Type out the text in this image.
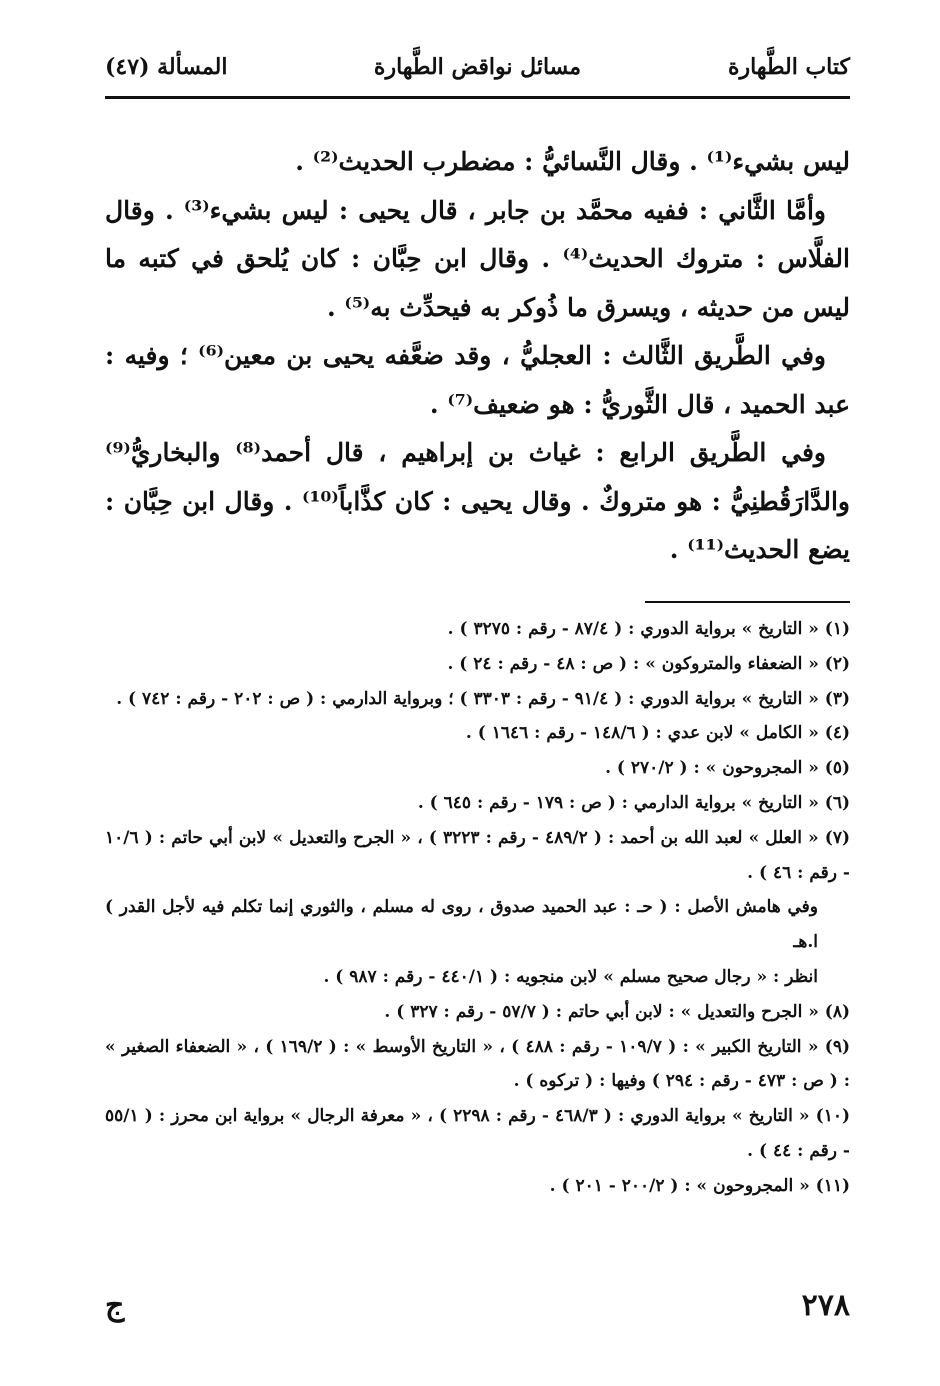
كتاب الطَّهارة
مسائل نواقض الطَّهارة
المسألة (٤٧)

ليس بشيء⁽¹⁾ . وقال النَّسائيُّ : مضطرب الحديث⁽²⁾ .

وأمَّا الثَّاني : ففيه محمَّد بن جابر ، قال يحيى : ليس بشيء⁽³⁾ . وقال الفلَّاس : متروك الحديث⁽⁴⁾ . وقال ابن حِبَّان : كان يُلحق في كتبه ما ليس من حديثه ، ويسرق ما ذُوكر به فيحدِّث به⁽⁵⁾ .

وفي الطَّريق الثَّالث : العجليُّ ، وقد ضعَّفه يحيى بن معين⁽⁶⁾ ؛ وفيه : عبد الحميد ، قال الثَّوريُّ : هو ضعيف⁽⁷⁾ .

وفي الطَّريق الرابع : غياث بن إبراهيم ، قال أحمد⁽⁸⁾ والبخاريُّ⁽⁹⁾ والدَّارَقُطنِيُّ : هو متروكٌ . وقال يحيى : كان كذَّاباً⁽¹⁰⁾ . وقال ابن حِبَّان : يضع الحديث⁽¹¹⁾ .

(١) « التاريخ » برواية الدوري : ( ٨٧/٤ - رقم : ٣٢٧٥ ) .

(٢) « الضعفاء والمتروكون » : ( ص : ٤٨ - رقم : ٢٤ ) .

(٣) « التاريخ » برواية الدوري : ( ٩١/٤ - رقم : ٣٣٠٣ ) ؛ وبرواية الدارمي : ( ص : ٢٠٢ - رقم : ٧٤٢ ) .

(٤) « الكامل » لابن عدي : ( ١٤٨/٦ - رقم : ١٦٤٦ ) .

(٥) « المجروحون » : ( ٢٧٠/٢ ) .

(٦) « التاريخ » برواية الدارمي : ( ص : ١٧٩ - رقم : ٦٤٥ ) .

(٧) « العلل » لعبد الله بن أحمد : ( ٤٨٩/٢ - رقم : ٣٢٢٣ ) ، « الجرح والتعديل » لابن أبي حاتم : ( ١٠/٦ - رقم : ٤٦ ) .

وفي هامش الأصل : ( حـ : عبد الحميد صدوق ، روى له مسلم ، والثوري إنما تكلم فيه لأجل القدر ) ا.هـ

انظر : « رجال صحيح مسلم » لابن منجويه : ( ٤٤٠/١ - رقم : ٩٨٧ ) .

(٨) « الجرح والتعديل » : لابن أبي حاتم : ( ٥٧/٧ - رقم : ٣٢٧ ) .

(٩) « التاريخ الكبير » : ( ١٠٩/٧ - رقم : ٤٨٨ ) ، « التاريخ الأوسط » : ( ١٦٩/٢ ) ، « الضعفاء الصغير » : ( ص : ٤٧٣ - رقم : ٢٩٤ ) وفيها : ( تركوه ) .

(١٠) « التاريخ » برواية الدوري : ( ٤٦٨/٣ - رقم : ٢٢٩٨ ) ، « معرفة الرجال » برواية ابن محرز : ( ٥٥/١ - رقم : ٤٤ ) .

(١١) « المجروحون » : ( ٢٠٠/٢ - ٢٠١ ) .

٢٧٨
ج
